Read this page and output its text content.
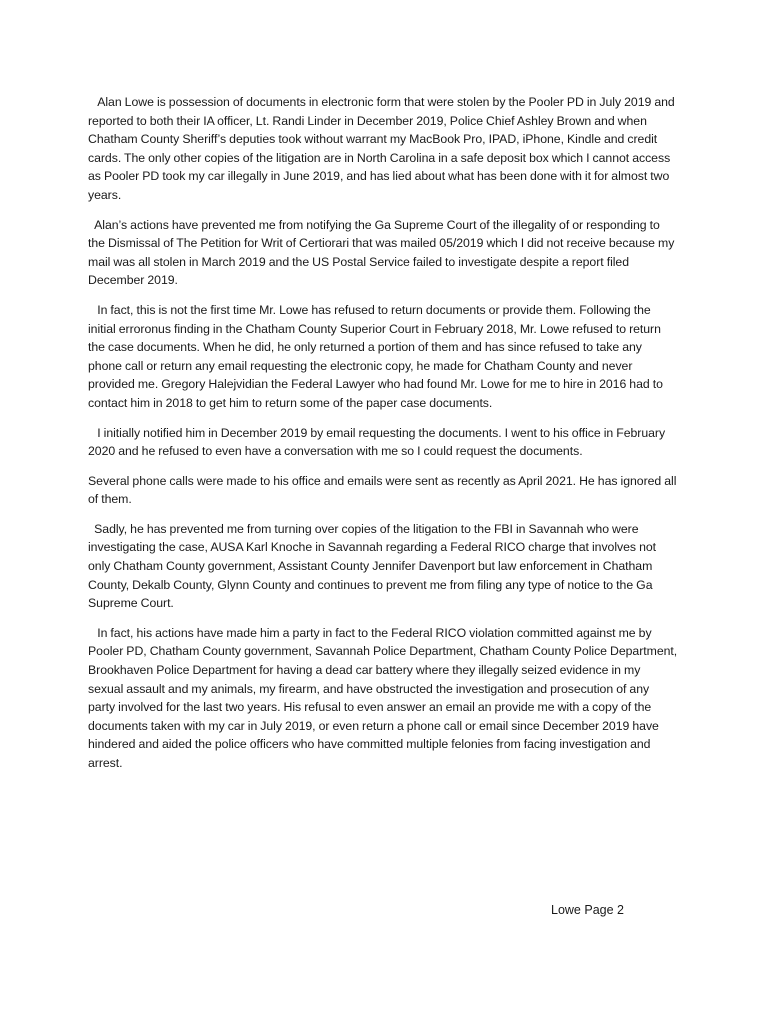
Alan Lowe is possession of documents in electronic form that were stolen by the Pooler PD in July 2019 and reported to both their IA officer, Lt. Randi Linder in December 2019, Police Chief Ashley Brown and when Chatham County Sheriff’s deputies took without warrant my MacBook Pro, IPAD, iPhone, Kindle and credit cards. The only other copies of the litigation are in North Carolina in a safe deposit box which I cannot access as Pooler PD took my car illegally in June 2019, and has lied about what has been done with it for almost two years.

Alan’s actions have prevented me from notifying the Ga Supreme Court of the illegality of or responding to the Dismissal of The Petition for Writ of Certiorari that was mailed 05/2019 which I did not receive because my mail was all stolen in March 2019 and the US Postal Service failed to investigate despite a report filed December 2019.

In fact, this is not the first time Mr. Lowe has refused to return documents or provide them. Following the initial erroronus finding in the Chatham County Superior Court in February 2018, Mr. Lowe refused to return the case documents. When he did, he only returned a portion of them and has since refused to take any phone call or return any email requesting the electronic copy, he made for Chatham County and never provided me. Gregory Halejvidian the Federal Lawyer who had found Mr. Lowe for me to hire in 2016 had to contact him in 2018 to get him to return some of the paper case documents.

I initially notified him in December 2019 by email requesting the documents. I went to his office in February 2020 and he refused to even have a conversation with me so I could request the documents.

Several phone calls were made to his office and emails were sent as recently as April 2021. He has ignored all of them.

Sadly, he has prevented me from turning over copies of the litigation to the FBI in Savannah who were investigating the case, AUSA Karl Knoche in Savannah regarding a Federal RICO charge that involves not only Chatham County government, Assistant County Jennifer Davenport but law enforcement in Chatham County, Dekalb County, Glynn County and continues to prevent me from filing any type of notice to the Ga Supreme Court.

In fact, his actions have made him a party in fact to the Federal RICO violation committed against me by Pooler PD, Chatham County government, Savannah Police Department, Chatham County Police Department, Brookhaven Police Department for having a dead car battery where they illegally seized evidence in my sexual assault and my animals, my firearm, and have obstructed the investigation and prosecution of any party involved for the last two years. His refusal to even answer an email an provide me with a copy of the documents taken with my car in July 2019, or even return a phone call or email since December 2019 have hindered and aided the police officers who have committed multiple felonies from facing investigation and arrest.

Lowe Page 2
